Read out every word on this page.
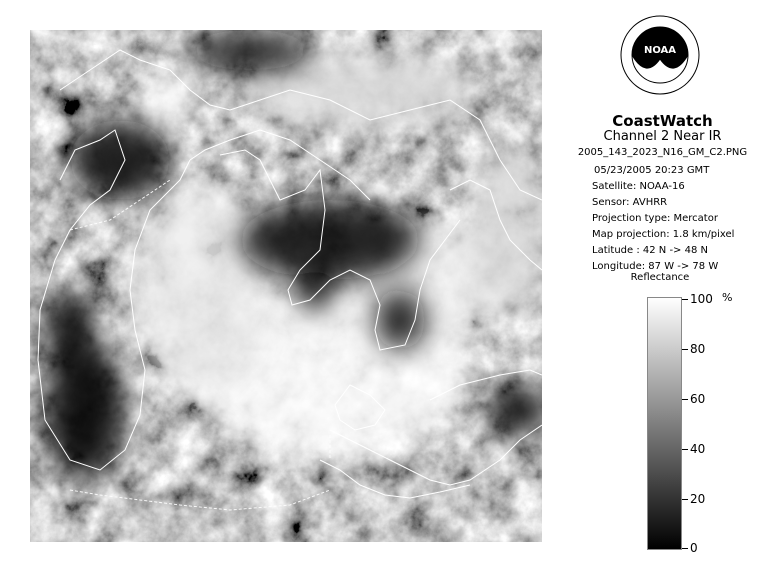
NOAA
CoastWatch
Channel 2 Near IR
2005_143_2023_N16_GM_C2.PNG
05/23/2005 20:23 GMT
Satellite: NOAA-16
Sensor: AVHRR
Projection type: Mercator
Map projection: 1.8 km/pixel
Latitude : 42 N -> 48 N
Longitude: 87 W -> 78 W
Reflectance
%
100
80
60
40
20
0
